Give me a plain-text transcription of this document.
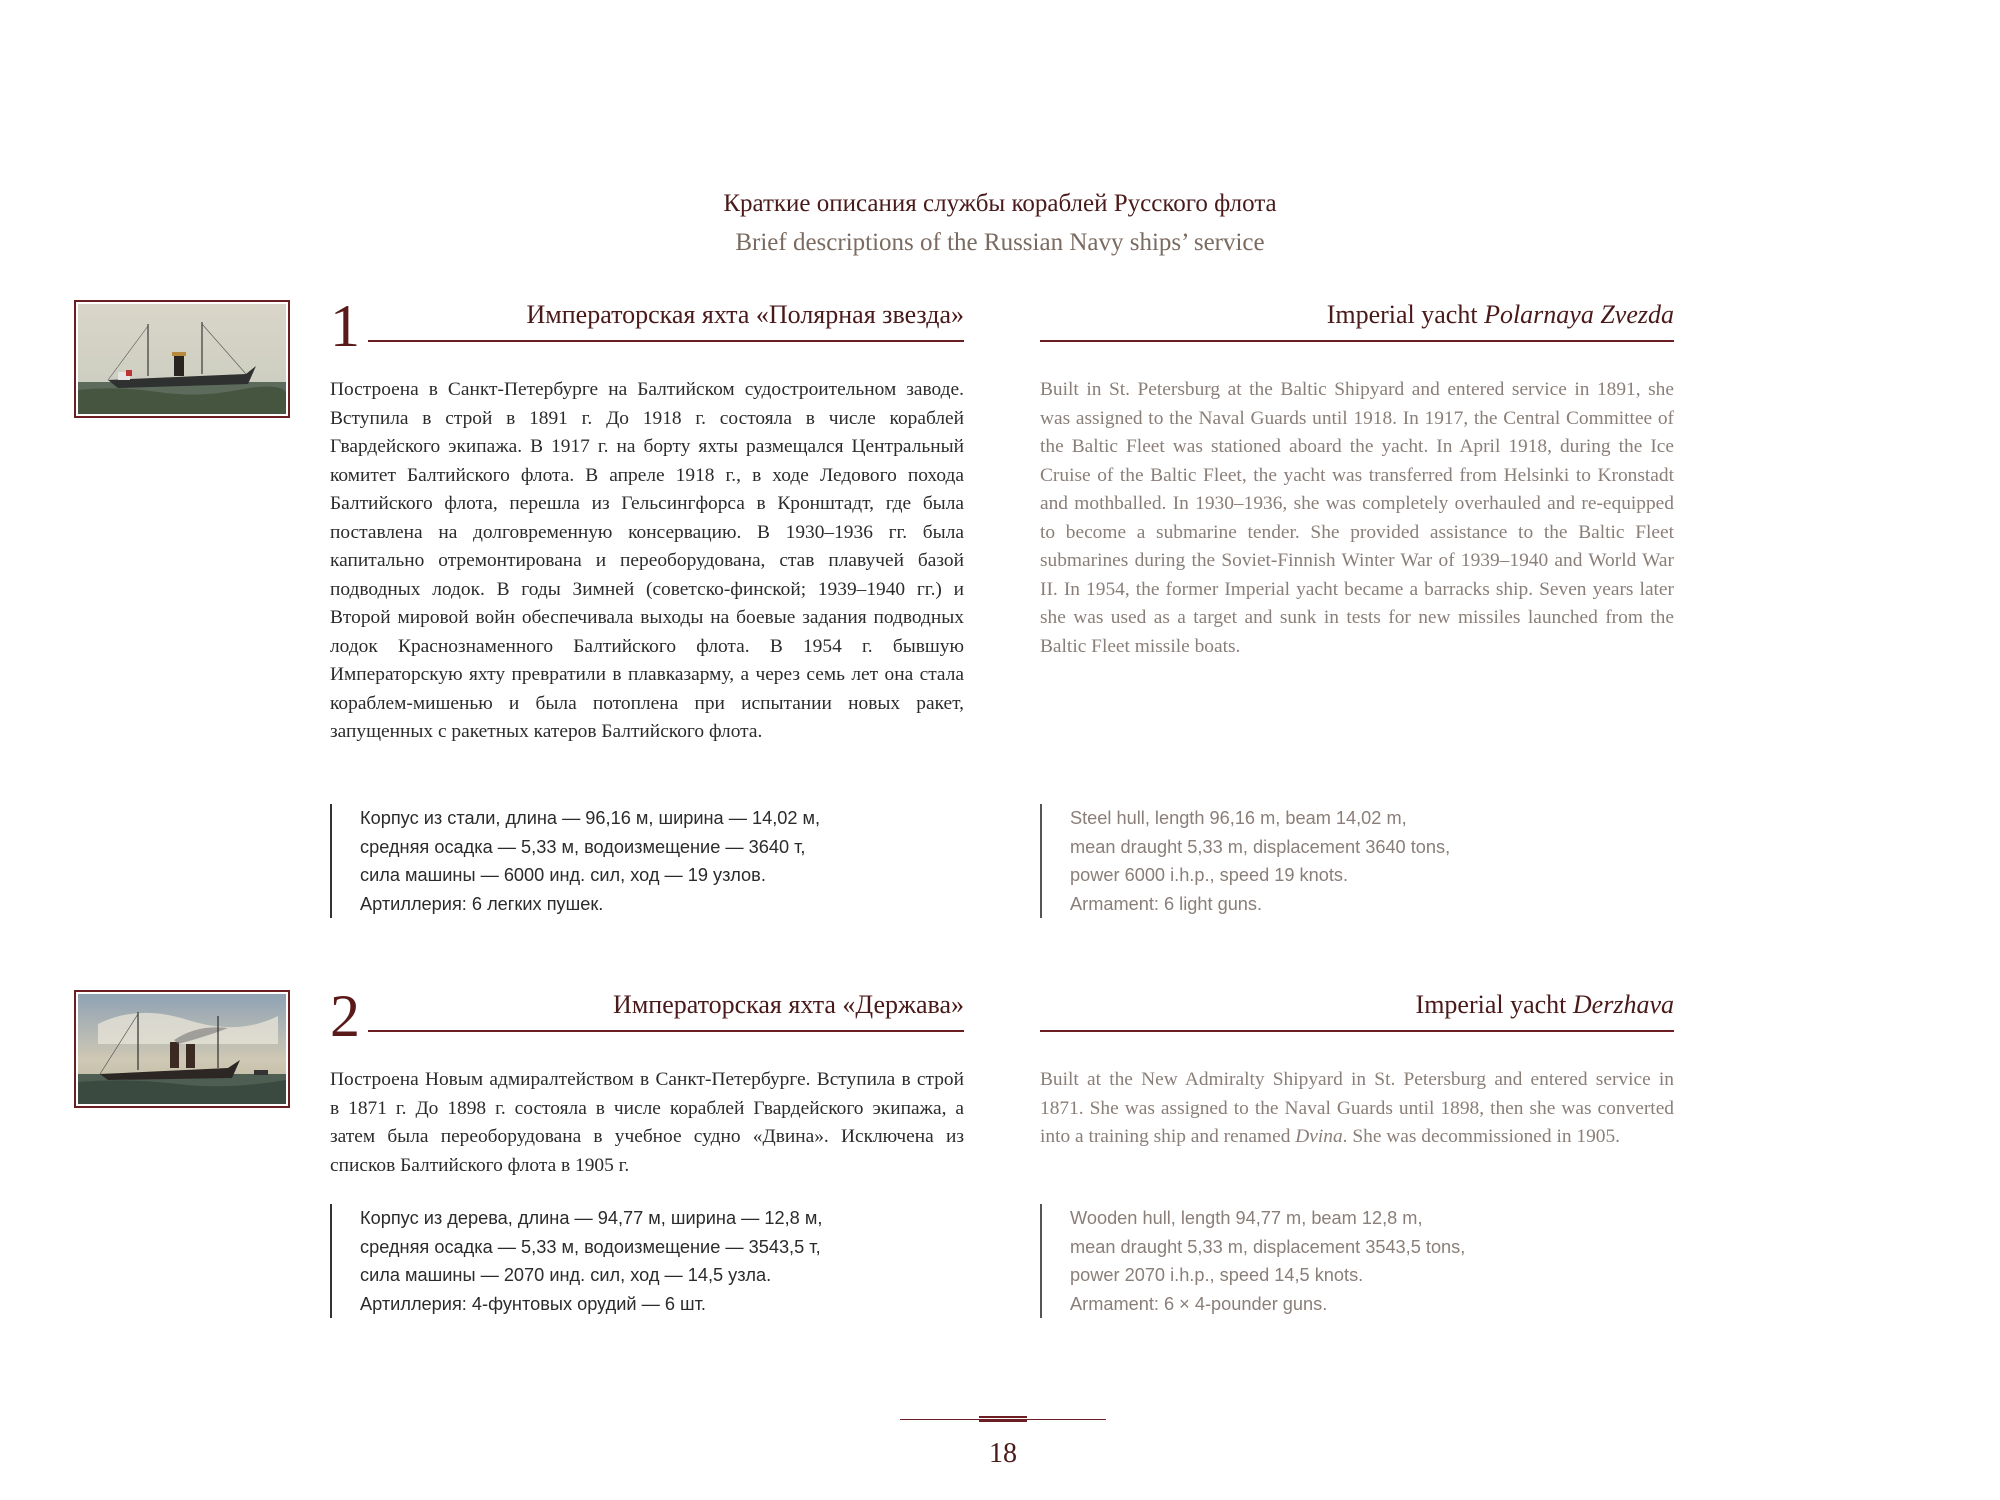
Краткие описания службы кораблей Русского флота
Brief descriptions of the Russian Navy ships’ service
1	Императорская яхта «Полярная звезда»	Imperial yacht Polarnaya Zvezda
Построена в Санкт-Петербурге на Балтийском судостроительном заводе. Вступила в строй в 1891 г. До 1918 г. состояла в числе кораблей Гвардейского экипажа. В 1917 г. на борту яхты размещался Центральный комитет Балтийского флота. В апреле 1918 г., в ходе Ледового похода Балтийского флота, перешла из Гельсингфорса в Кронштадт, где была поставлена на долговременную консервацию. В 1930–1936 гг. была капитально отремонтирована и переоборудована, став плавучей базой подводных лодок. В годы Зимней (советско-финской; 1939–1940 гг.) и Второй мировой войн обеспечивала выходы на боевые задания подводных лодок Краснознаменного Балтийского флота. В 1954 г. бывшую Императорскую яхту превратили в плавказарму, а через семь лет она стала кораблем-мишенью и была потоплена при испытании новых ракет, запущенных с ракетных катеров Балтийского флота.
Built in St. Petersburg at the Baltic Shipyard and entered service in 1891, she was assigned to the Naval Guards until 1918. In 1917, the Central Committee of the Baltic Fleet was stationed aboard the yacht. In April 1918, during the Ice Cruise of the Baltic Fleet, the yacht was transferred from Helsinki to Kronstadt and mothballed. In 1930–1936, she was completely overhauled and re-equipped to become a submarine tender. She provided assistance to the Baltic Fleet submarines during the Soviet-Finnish Winter War of 1939–1940 and World War II. In 1954, the former Imperial yacht became a barracks ship. Seven years later she was used as a target and sunk in tests for new missiles launched from the Baltic Fleet missile boats.
Корпус из стали, длина — 96,16 м, ширина — 14,02 м,
средняя осадка — 5,33 м, водоизмещение — 3640 т,
сила машины — 6000 инд. сил, ход — 19 узлов.
Артиллерия: 6 легких пушек.
Steel hull, length 96,16 m, beam 14,02 m,
mean draught 5,33 m, displacement 3640 tons,
power 6000 i.h.p., speed 19 knots.
Armament: 6 light guns.
2	Императорская яхта «Держава»	Imperial yacht Derzhava
Построена Новым адмиралтейством в Санкт-Петербурге. Вступила в строй в 1871 г. До 1898 г. состояла в числе кораблей Гвардейского экипажа, а затем была переоборудована в учебное судно «Двина». Исключена из списков Балтийского флота в 1905 г.
Built at the New Admiralty Shipyard in St. Petersburg and entered service in 1871. She was assigned to the Naval Guards until 1898, then she was converted into a training ship and renamed Dvina. She was decommissioned in 1905.
Корпус из дерева, длина — 94,77 м, ширина — 12,8 м,
средняя осадка — 5,33 м, водоизмещение — 3543,5 т,
сила машины — 2070 инд. сил, ход — 14,5 узла.
Артиллерия: 4-фунтовых орудий — 6 шт.
Wooden hull, length 94,77 m, beam 12,8 m,
mean draught 5,33 m, displacement 3543,5 tons,
power 2070 i.h.p., speed 14,5 knots.
Armament: 6 × 4-pounder guns.
18
